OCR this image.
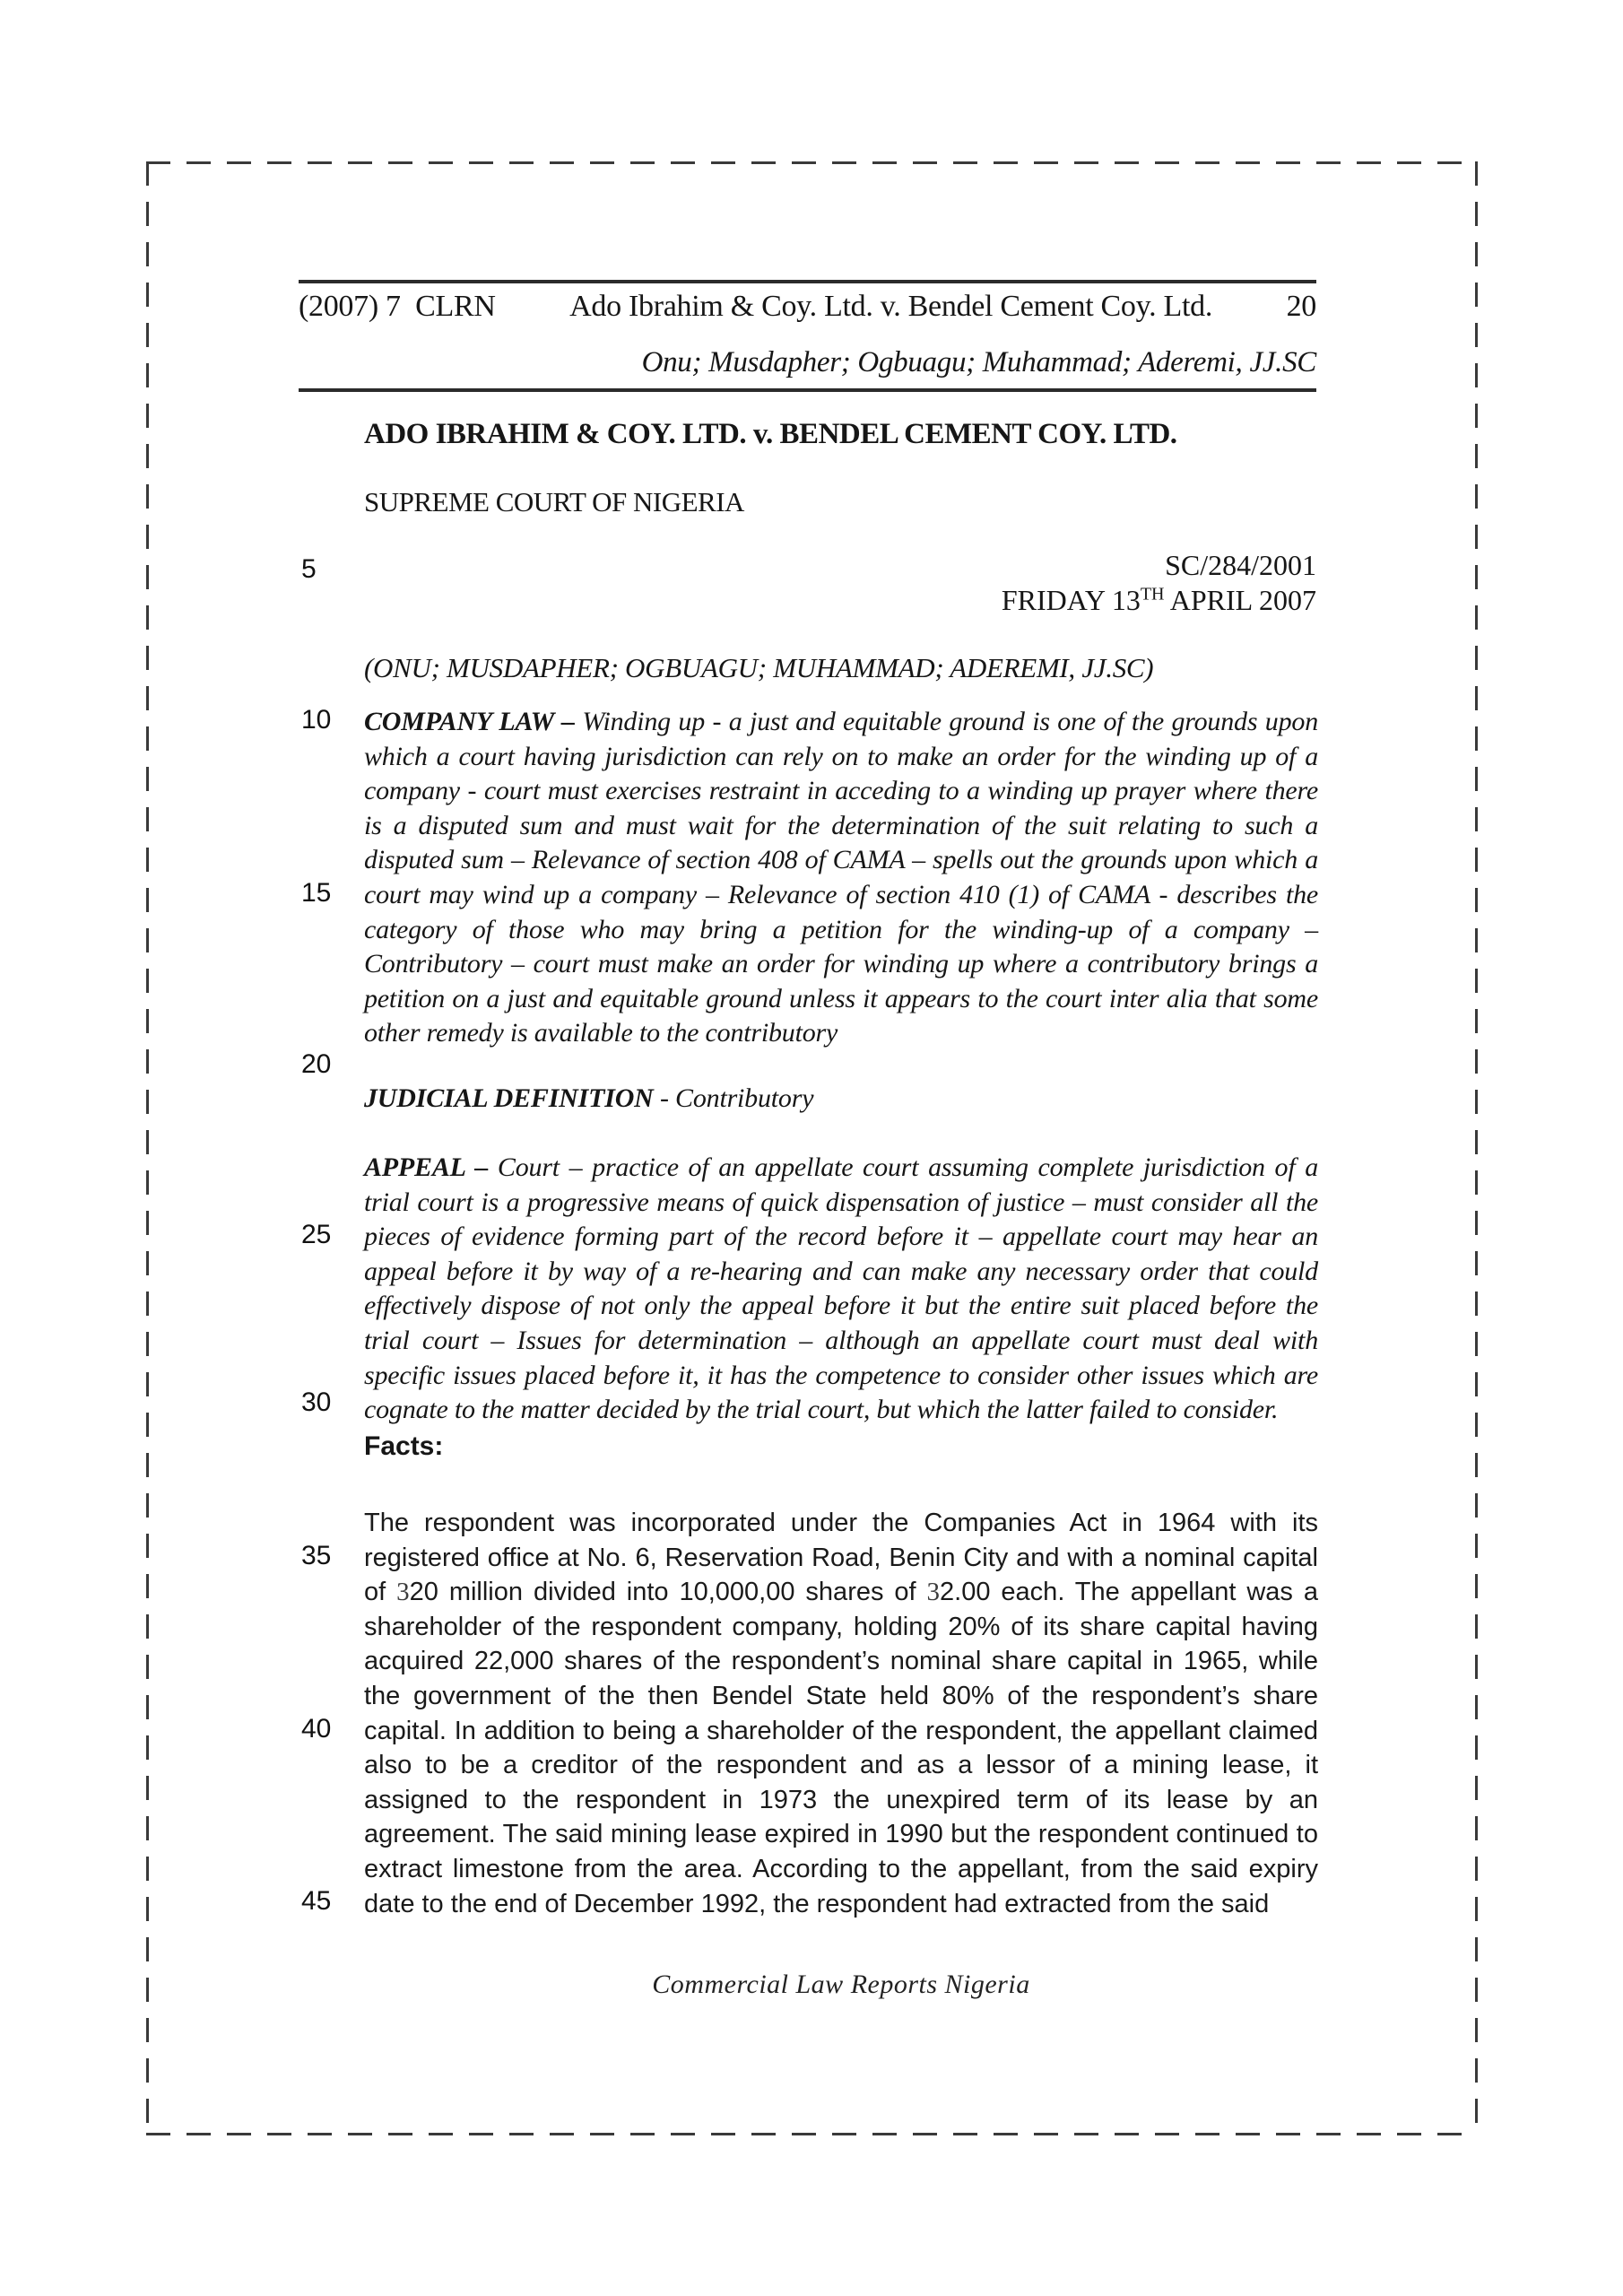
(2007) 7  CLRN	Ado Ibrahim & Coy. Ltd. v. Bendel Cement Coy. Ltd.	20
Onu; Musdapher; Ogbuagu; Muhammad; Aderemi, JJ.SC
ADO IBRAHIM & COY. LTD. v. BENDEL CEMENT COY. LTD.
SUPREME COURT OF NIGERIA
SC/284/2001
FRIDAY 13TH APRIL 2007
(ONU; MUSDAPHER; OGBUAGU; MUHAMMAD; ADEREMI, JJ.SC)
COMPANY LAW – Winding up - a just and equitable ground is one of the grounds upon which a court having jurisdiction can rely on to make an order for the winding up of a company - court must exercises restraint in acceding to a winding up prayer where there is a disputed sum and must wait for the determination of the suit relating to such a disputed sum – Relevance of section 408 of CAMA – spells out the grounds upon which a court may wind up a company – Relevance of section 410 (1) of CAMA - describes the category of those who may bring a petition for the winding-up of a company – Contributory – court must make an order for winding up where a contributory brings a petition on a just and equitable ground unless it appears to the court inter alia that some other remedy is available to the contributory
JUDICIAL DEFINITION - Contributory
APPEAL – Court – practice of an appellate court assuming complete jurisdiction of a trial court is a progressive means of quick dispensation of justice – must consider all the pieces of evidence forming part of the record before it – appellate court may hear an appeal before it by way of a re-hearing and can make any necessary order that could effectively dispose of not only the appeal before it but the entire suit placed before the trial court – Issues for determination – although an appellate court must deal with specific issues placed before it, it has the competence to consider other issues which are cognate to the matter decided by the trial court, but which the latter failed to consider.
Facts:
The respondent was incorporated under the Companies Act in 1964 with its registered office at No. 6, Reservation Road, Benin City and with a nominal capital of 320 million divided into 10,000,00 shares of 32.00 each. The appellant was a shareholder of the respondent company, holding 20% of its share capital having acquired 22,000 shares of the respondent’s nominal share capital in 1965, while the government of the then Bendel State held 80% of the respondent’s share capital. In addition to being a shareholder of the respondent, the appellant claimed also to be a creditor of the respondent and as a lessor of a mining lease, it assigned to the respondent in 1973 the unexpired term of its lease by an agreement. The said mining lease expired in 1990 but the respondent continued to extract limestone from the area. According to the appellant, from the said expiry date to the end of December 1992, the respondent had extracted from the said
5
10
15
20
25
30
35
40
45
Commercial Law Reports Nigeria
